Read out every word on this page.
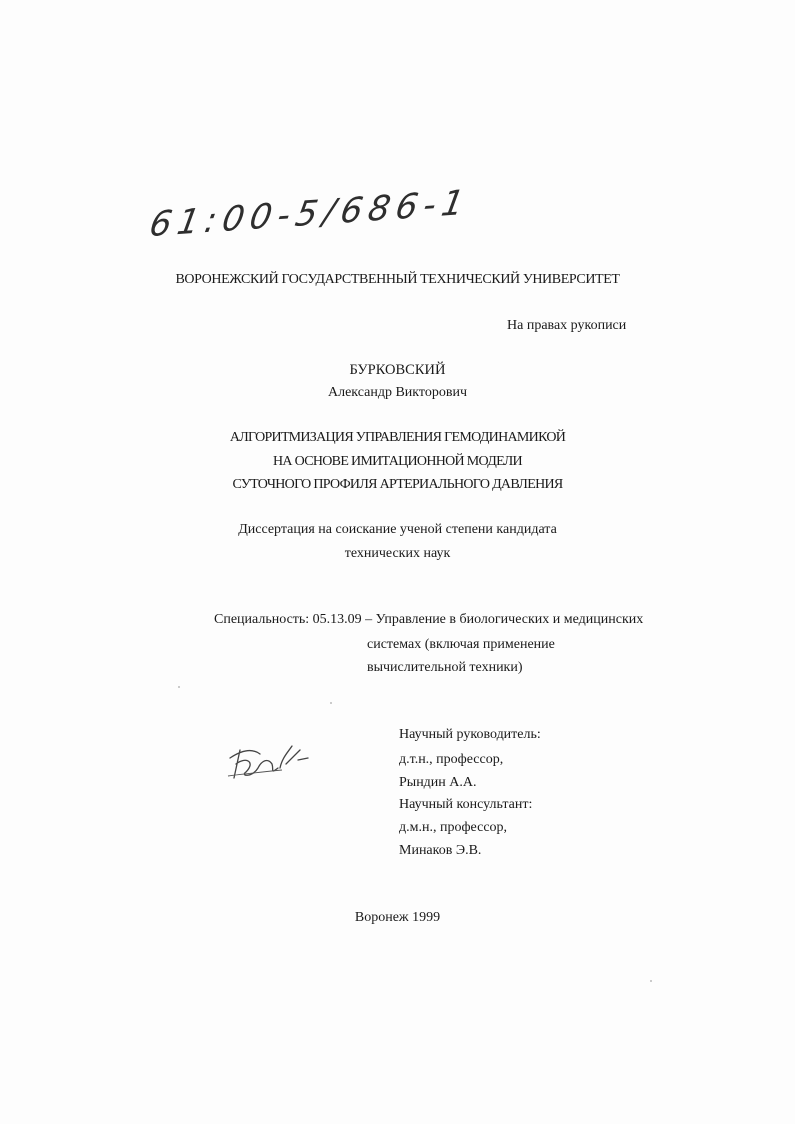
61:00-5/686-1
ВОРОНЕЖСКИЙ ГОСУДАРСТВЕННЫЙ ТЕХНИЧЕСКИЙ УНИВЕРСИТЕТ
На правах рукописи
БУРКОВСКИЙ
Александр Викторович
АЛГОРИТМИЗАЦИЯ УПРАВЛЕНИЯ ГЕМОДИНАМИКОЙ
НА ОСНОВЕ ИМИТАЦИОННОЙ МОДЕЛИ
СУТОЧНОГО ПРОФИЛЯ АРТЕРИАЛЬНОГО ДАВЛЕНИЯ
Диссертация на соискание ученой степени кандидата
технических наук
Специальность: 05.13.09 – Управление в биологических и медицинских
системах (включая применение
вычислительной техники)
Научный руководитель:
д.т.н., профессор,
Рындин А.А.
Научный консультант:
д.м.н., профессор,
Минаков Э.В.
Воронеж 1999
